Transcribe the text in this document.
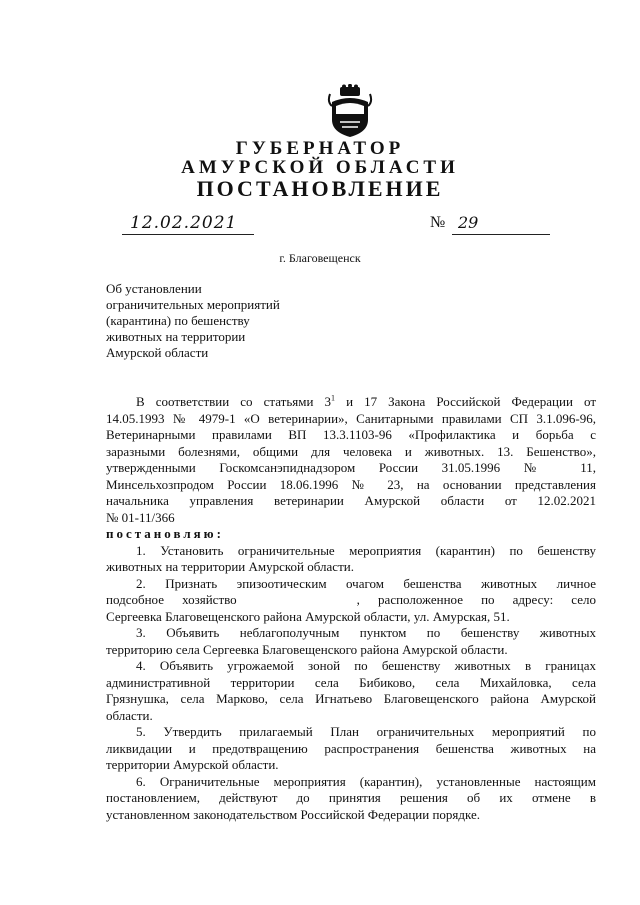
ГУБЕРНАТОР
АМУРСКОЙ ОБЛАСТИ
ПОСТАНОВЛЕНИЕ
12.02.2021	№ 29
г. Благовещенск
Об установлении
ограничительных мероприятий
(карантина) по бешенству
животных на территории
Амурской области
В соответствии со статьями $3^1$ и 17 Закона Российской Федерации от
14.05.1993 № 4979-1 «О ветеринарии», Санитарными правилами СП 3.1.096-96,
Ветеринарными правилами ВП 13.3.1103-96 «Профилактика и борьба с
заразными болезнями, общими для человека и животных. 13. Бешенство»,
утвержденными Госкомсанэпиднадзором России 31.05.1996 № 11,
Минсельхозпродом России 18.06.1996 № 23, на основании представления
начальника управления ветеринарии Амурской области от 12.02.2021
№ 01-11/366
постановляю:
1. Установить ограничительные мероприятия (карантин) по бешенству
животных на территории Амурской области.
2. Признать эпизоотическим очагом бешенства животных личное
подсобное хозяйство	, расположенное по адресу: село
Сергеевка Благовещенского района Амурской области, ул. Амурская, 51.
3. Объявить неблагополучным пунктом по бешенству животных
территорию села Сергеевка Благовещенского района Амурской области.
4. Объявить угрожаемой зоной по бешенству животных в границах
административной территории села Бибиково, села Михайловка, села
Грязнушка, села Марково, села Игнатьево Благовещенского района Амурской
области.
5. Утвердить прилагаемый План ограничительных мероприятий по
ликвидации и предотвращению распространения бешенства животных на
территории Амурской области.
6. Ограничительные мероприятия (карантин), установленные настоящим
постановлением, действуют до принятия решения об их отмене в
установленном законодательством Российской Федерации порядке.
